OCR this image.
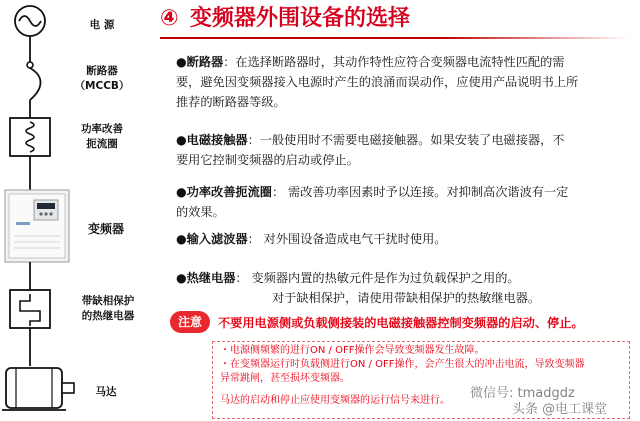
④ 变频器外围设备的选择
电 源
断路器
（MCCB）
功率改善
扼流圈
变频器
带缺相保护
的热继电器
马达
●断路器：在选择断路器时，其动作特性应符合变频器电流特性匹配的需
要，避免因变频器接入电源时产生的浪涌而误动作，应使用产品说明书上所
推荐的断路器等级。
●电磁接触器：一般使用时不需要电磁接触器。如果安装了电磁接器，不
要用它控制变频器的启动或停止。
●功率改善扼流圈： 需改善功率因素时予以连接。对抑制高次谐波有一定
的效果。
●输入滤波器： 对外围设备造成电气干扰时使用。
●热继电器： 变频器内置的热敏元件是作为过负载保护之用的。
对于缺相保护，请使用带缺相保护的热敏继电器。
注意	不要用电源侧或负载侧接装的电磁接触器控制变频器的启动、停止。
・电源侧频繁的进行ON / OFF操作会导致变频器发生故障。
・在变频器运行时负载侧进行ON / OFF操作，会产生很大的冲击电流，导致变频器
异常跳闸，甚至损坏变频器。
马达的启动和停止应使用变频器的运行信号来进行。	微信号: tmadgdz
头条 @电工课堂
